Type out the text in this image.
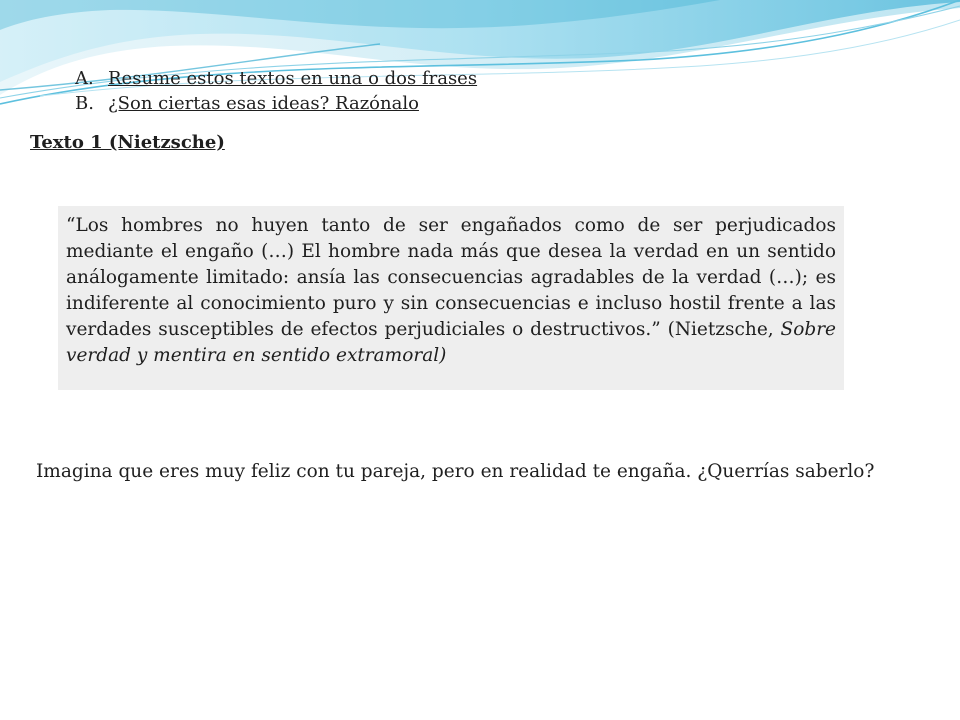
A. Resume estos textos en una o dos frases
B. ¿Son ciertas esas ideas? Razónalo
Texto 1 (Nietzsche)
“Los hombres no huyen tanto de ser engañados como de ser perjudicados mediante el engaño (…) El hombre nada más que desea la verdad en un sentido análogamente limitado: ansía las consecuencias agradables de la verdad (…); es indiferente al conocimiento puro y sin consecuencias e incluso hostil frente a las verdades susceptibles de efectos perjudiciales o destructivos.” (Nietzsche, Sobre verdad y mentira en sentido extramoral)

Imagina que eres muy feliz con tu pareja, pero en realidad te engaña. ¿Querrías saberlo?
